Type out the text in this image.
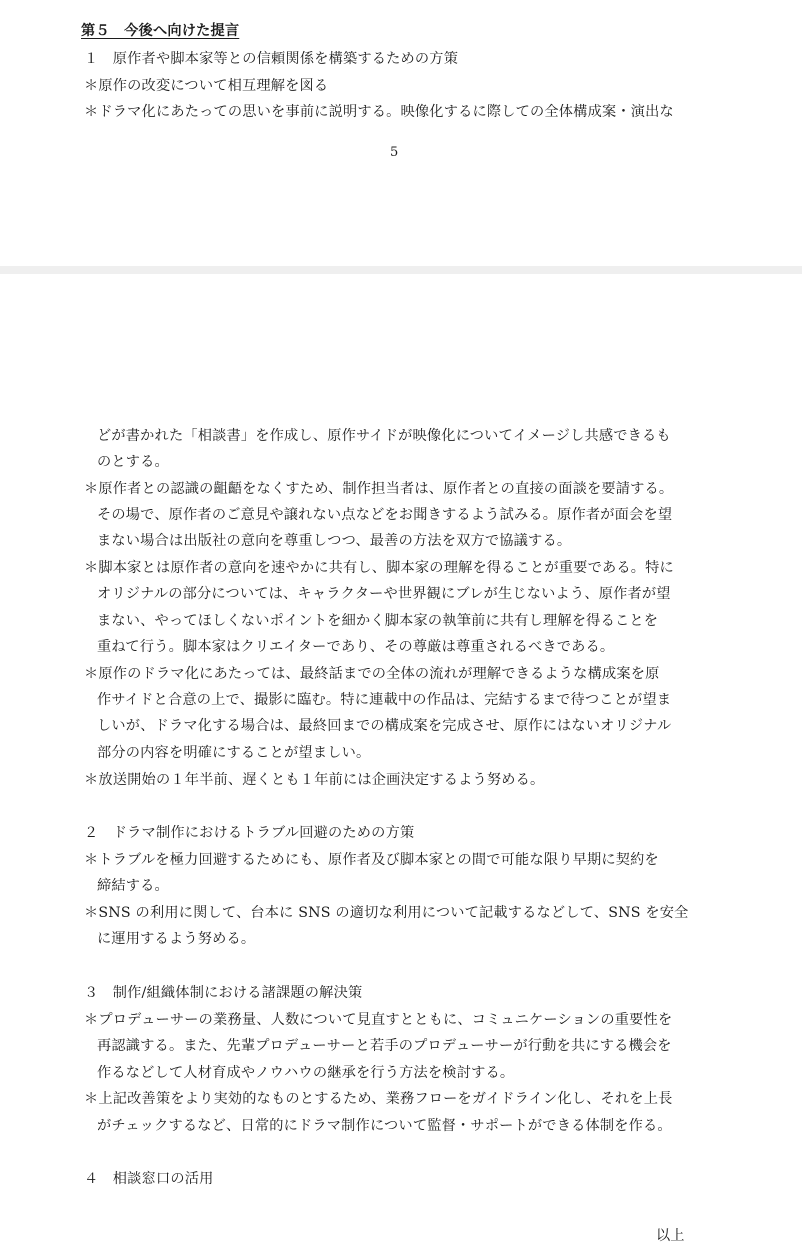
第５　今後へ向けた提言
１　原作者や脚本家等との信頼関係を構築するための方策
＊原作の改変について相互理解を図る
＊ドラマ化にあたっての思いを事前に説明する。映像化するに際しての全体構成案・演出な
5
どが書かれた「相談書」を作成し、原作サイドが映像化についてイメージし共感できるも
のとする。
＊原作者との認識の齟齬をなくすため、制作担当者は、原作者との直接の面談を要請する。
その場で、原作者のご意見や譲れない点などをお聞きするよう試みる。原作者が面会を望
まない場合は出版社の意向を尊重しつつ、最善の方法を双方で協議する。
＊脚本家とは原作者の意向を速やかに共有し、脚本家の理解を得ることが重要である。特に
オリジナルの部分については、キャラクターや世界観にブレが生じないよう、原作者が望
まない、やってほしくないポイントを細かく脚本家の執筆前に共有し理解を得ることを
重ねて行う。脚本家はクリエイターであり、その尊厳は尊重されるべきである。
＊原作のドラマ化にあたっては、最終話までの全体の流れが理解できるような構成案を原
作サイドと合意の上で、撮影に臨む。特に連載中の作品は、完結するまで待つことが望ま
しいが、ドラマ化する場合は、最終回までの構成案を完成させ、原作にはないオリジナル
部分の内容を明確にすることが望ましい。
＊放送開始の１年半前、遅くとも１年前には企画決定するよう努める。
２　ドラマ制作におけるトラブル回避のための方策
＊トラブルを極力回避するためにも、原作者及び脚本家との間で可能な限り早期に契約を
締結する。
＊SNS の利用に関して、台本に SNS の適切な利用について記載するなどして、SNS を安全
に運用するよう努める。
３　制作/組織体制における諸課題の解決策
＊プロデューサーの業務量、人数について見直すとともに、コミュニケーションの重要性を
再認識する。また、先輩プロデューサーと若手のプロデューサーが行動を共にする機会を
作るなどして人材育成やノウハウの継承を行う方法を検討する。
＊上記改善策をより実効的なものとするため、業務フローをガイドライン化し、それを上長
がチェックするなど、日常的にドラマ制作について監督・サポートができる体制を作る。
４　相談窓口の活用
以上
